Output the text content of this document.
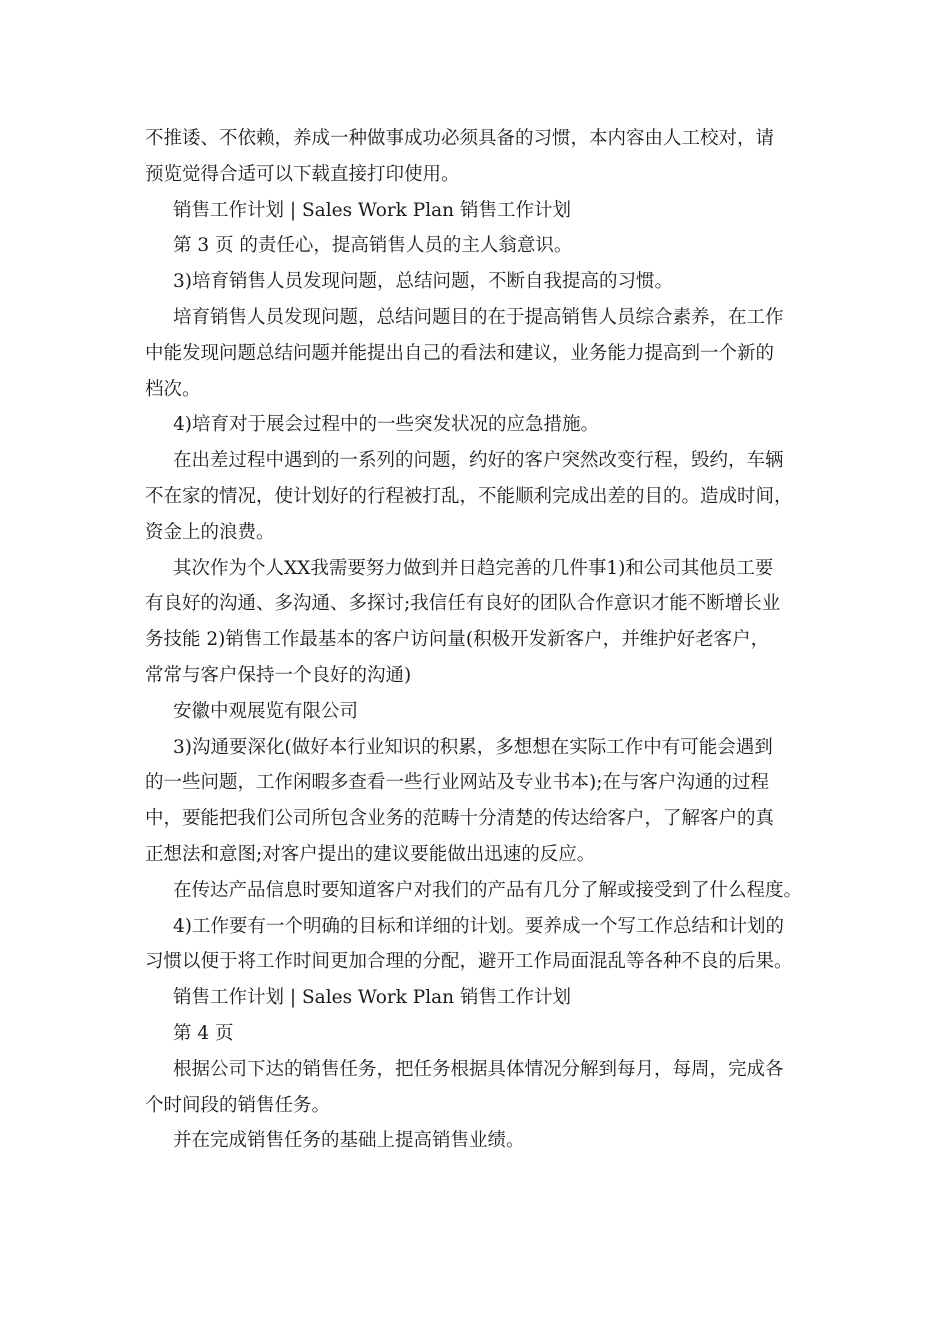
不推诿、不依赖，养成一种做事成功必须具备的习惯，本内容由人工校对，请
预览觉得合适可以下载直接打印使用。
销售工作计划 | Sales Work Plan 销售工作计划
第 3 页 的责任心，提高销售人员的主人翁意识。
3)培育销售人员发现问题，总结问题，不断自我提高的习惯。
培育销售人员发现问题，总结问题目的在于提高销售人员综合素养，在工作
中能发现问题总结问题并能提出自己的看法和建议，业务能力提高到一个新的
档次。
4)培育对于展会过程中的一些突发状况的应急措施。
在出差过程中遇到的一系列的问题，约好的客户突然改变行程，毁约，车辆
不在家的情况，使计划好的行程被打乱，不能顺利完成出差的目的。造成时间，
资金上的浪费。
其次作为个人XX我需要努力做到并日趋完善的几件事1)和公司其他员工要
有良好的沟通、多沟通、多探讨;我信任有良好的团队合作意识才能不断增长业
务技能 2)销售工作最基本的客户访问量(积极开发新客户，并维护好老客户，
常常与客户保持一个良好的沟通)
安徽中观展览有限公司
3)沟通要深化(做好本行业知识的积累，多想想在实际工作中有可能会遇到
的一些问题，工作闲暇多查看一些行业网站及专业书本);在与客户沟通的过程
中，要能把我们公司所包含业务的范畴十分清楚的传达给客户，了解客户的真
正想法和意图;对客户提出的建议要能做出迅速的反应。
在传达产品信息时要知道客户对我们的产品有几分了解或接受到了什么程度。
4)工作要有一个明确的目标和详细的计划。要养成一个写工作总结和计划的
习惯以便于将工作时间更加合理的分配，避开工作局面混乱等各种不良的后果。
销售工作计划 | Sales Work Plan 销售工作计划
第 4 页
根据公司下达的销售任务，把任务根据具体情况分解到每月，每周，完成各
个时间段的销售任务。
并在完成销售任务的基础上提高销售业绩。
